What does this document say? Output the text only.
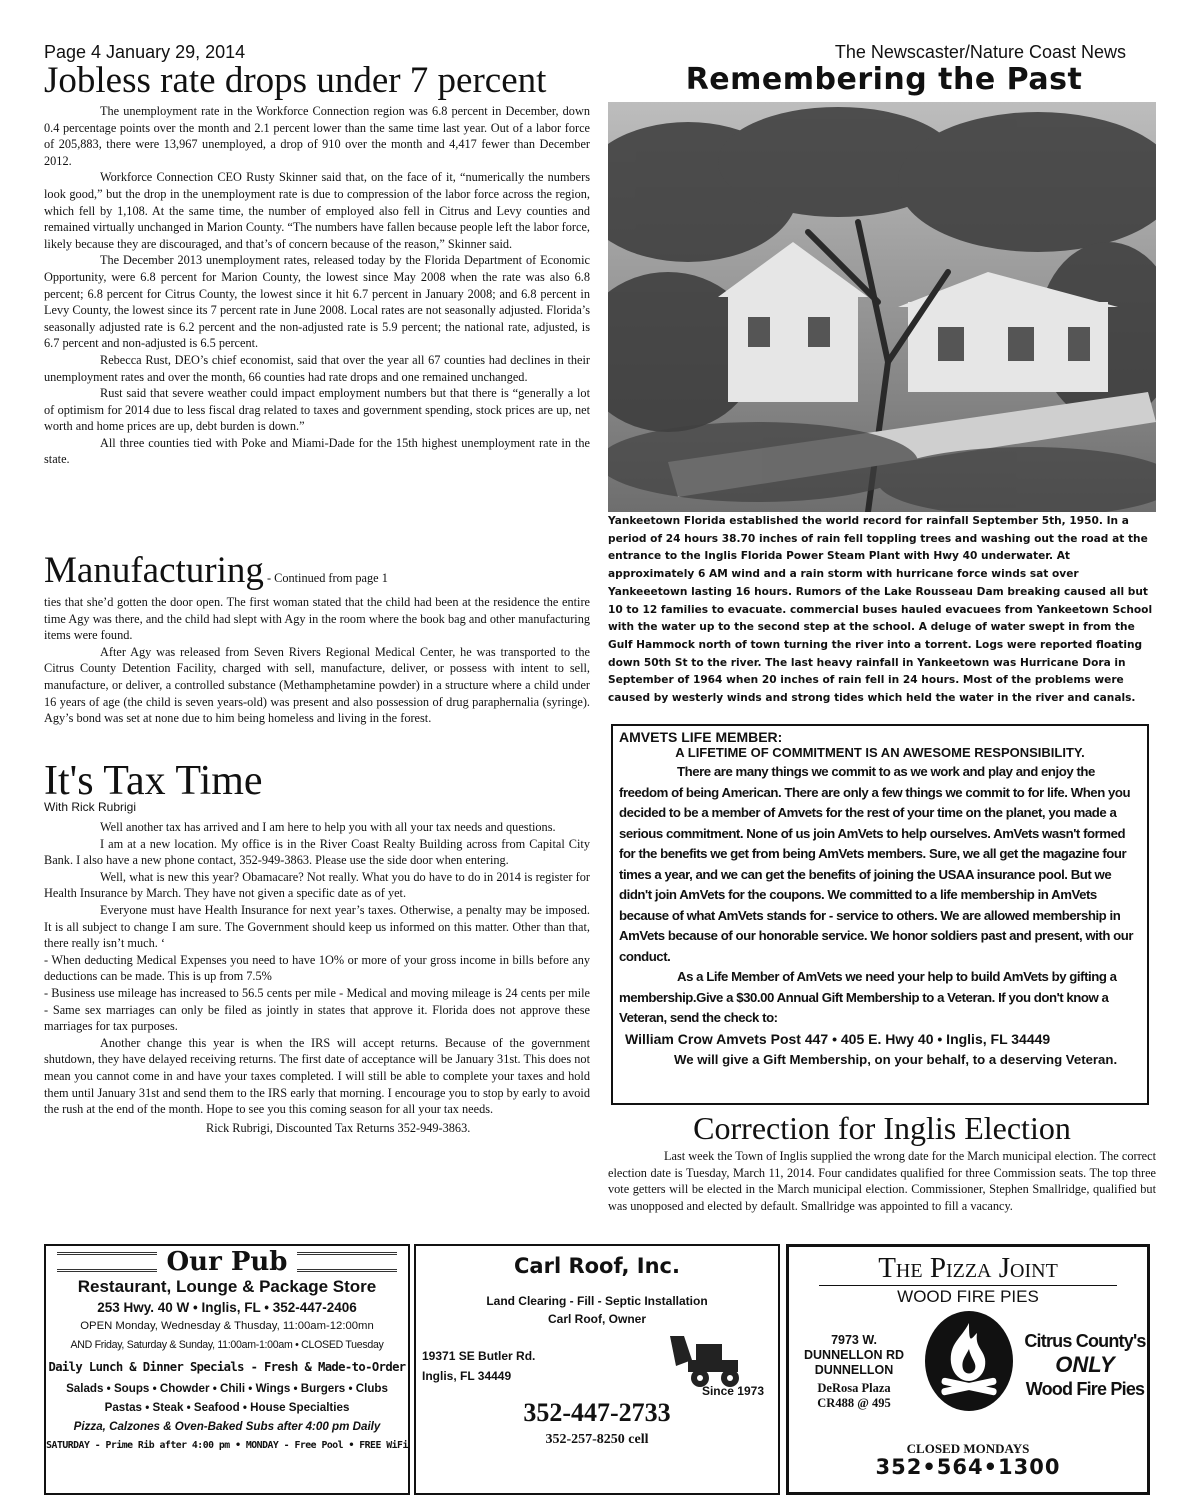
Page 4 January 29, 2014	The Newscaster/Nature Coast News
Jobless rate drops under 7 percent

The unemployment rate in the Workforce Connection region was 6.8 percent in December, down 0.4 percentage points over the month and 2.1 percent lower than the same time last year. Out of a labor force of 205,883, there were 13,967 unemployed, a drop of 910 over the month and 4,417 fewer than December 2012.

Workforce Connection CEO Rusty Skinner said that, on the face of it, “numerically the numbers look good,” but the drop in the unemployment rate is due to compression of the labor force across the region, which fell by 1,108. At the same time, the number of employed also fell in Citrus and Levy counties and remained virtually unchanged in Marion County. “The numbers have fallen because people left the labor force, likely because they are discouraged, and that’s of concern because of the reason,” Skinner said.

The December 2013 unemployment rates, released today by the Florida Department of Economic Opportunity, were 6.8 percent for Marion County, the lowest since May 2008 when the rate was also 6.8 percent; 6.8 percent for Citrus County, the lowest since it hit 6.7 percent in January 2008; and 6.8 percent in Levy County, the lowest since its 7 percent rate in June 2008. Local rates are not seasonally adjusted. Florida’s seasonally adjusted rate is 6.2 percent and the non-adjusted rate is 5.9 percent; the national rate, adjusted, is 6.7 percent and non-adjusted is 6.5 percent.

Rebecca Rust, DEO’s chief economist, said that over the year all 67 counties had declines in their unemployment rates and over the month, 66 counties had rate drops and one remained unchanged.

Rust said that severe weather could impact employment numbers but that there is “generally a lot of optimism for 2014 due to less fiscal drag related to taxes and government spending, stock prices are up, net worth and home prices are up, debt burden is down.”

All three counties tied with Poke and Miami-Dade for the 15th highest unemployment rate in the state.

Manufacturing - Continued from page 1

ties that she’d gotten the door open. The first woman stated that the child had been at the residence the entire time Agy was there, and the child had slept with Agy in the room where the book bag and other manufacturing items were found.

After Agy was released from Seven Rivers Regional Medical Center, he was transported to the Citrus County Detention Facility, charged with sell, manufacture, deliver, or possess with intent to sell, manufacture, or deliver, a controlled substance (Methamphetamine powder) in a structure where a child under 16 years of age (the child is seven years-old) was present and also possession of drug paraphernalia (syringe). Agy’s bond was set at none due to him being homeless and living in the forest.

It's Tax Time
With Rick Rubrigi

Well another tax has arrived and I am here to help you with all your tax needs and questions.

I am at a new location. My office is in the River Coast Realty Building across from Capital City Bank. I also have a new phone contact, 352-949-3863. Please use the side door when entering.

Well, what is new this year? Obamacare? Not really. What you do have to do in 2014 is register for Health Insurance by March. They have not given a specific date as of yet.

Everyone must have Health Insurance for next year’s taxes. Otherwise, a penalty may be imposed. It is all subject to change I am sure. The Government should keep us informed on this matter. Other than that, there really isn’t much. ‘

- When deducting Medical Expenses you need to have 1O% or more of your gross income in bills before any deductions can be made. This is up from 7.5%

- Business use mileage has increased to 56.5 cents per mile - Medical and moving mileage is 24 cents per mile - Same sex marriages can only be filed as jointly in states that approve it. Florida does not approve these marriages for tax purposes.

Another change this year is when the IRS will accept returns. Because of the government shutdown, they have delayed receiving returns. The first date of acceptance will be January 31st. This does not mean you cannot come in and have your taxes completed. I will still be able to complete your taxes and hold them until January 31st and send them to the IRS early that morning. I encourage you to stop by early to avoid the rush at the end of the month. Hope to see you this coming season for all your tax needs.

Rick Rubrigi, Discounted Tax Returns 352-949-3863.

Remembering the Past
Yankeetown Florida established the world record for rainfall September 5th, 1950. In a period of 24 hours 38.70 inches of rain fell toppling trees and washing out the road at the entrance to the Inglis Florida Power Steam Plant with Hwy 40 underwater. At approximately 6 AM wind and a rain storm with hurricane force winds sat over Yankeeetown lasting 16 hours. Rumors of the Lake Rousseau Dam breaking caused all but 10 to 12 families to evacuate. commercial buses hauled evacuees from Yankeetown School with the water up to the second step at the school. A deluge of water swept in from the Gulf Hammock north of town turning the river into a torrent. Logs were reported floating down 50th St to the river. The last heavy rainfall in Yankeetown was Hurricane Dora in September of 1964 when 20 inches of rain fell in 24 hours. Most of the problems were caused by westerly winds and strong tides which held the water in the river and canals.

AMVETS LIFE MEMBER:

A LIFETIME OF COMMITMENT IS AN AWESOME RESPONSIBILITY.

There are many things we commit to as we work and play and enjoy the freedom of being American. There are only a few things we commit to for life. When you decided to be a member of Amvets for the rest of your time on the planet, you made a serious commitment. None of us join AmVets to help ourselves. AmVets wasn't formed for the benefits we get from being AmVets members. Sure, we all get the magazine four times a year, and we can get the benefits of joining the USAA insurance pool. But we didn't join AmVets for the coupons. We committed to a life membership in AmVets because of what AmVets stands for - service to others. We are allowed membership in AmVets because of our honorable service. We honor soldiers past and present, with our conduct.

As a Life Member of AmVets we need your help to build AmVets by gifting a membership.Give a $30.00 Annual Gift Membership to a Veteran. If you don't know a Veteran, send the check to:

William Crow Amvets Post 447 • 405 E. Hwy 40 • Inglis, FL 34449

We will give a Gift Membership, on your behalf, to a deserving Veteran.

Correction for Inglis Election

Last week the Town of Inglis supplied the wrong date for the March municipal election. The correct election date is Tuesday, March 11, 2014. Four candidates qualified for three Commission seats. The top three vote getters will be elected in the March municipal election. Commissioner, Stephen Smallridge, qualified but was unopposed and elected by default. Smallridge was appointed to fill a vacancy.

Our Pub
Restaurant, Lounge & Package Store
253 Hwy. 40 W • Inglis, FL • 352-447-2406
OPEN Monday, Wednesday & Thusday, 11:00am-12:00mn
AND Friday, Saturday & Sunday, 11:00am-1:00am • CLOSED Tuesday
Daily Lunch & Dinner Specials - Fresh & Made-to-Order
Salads • Soups • Chowder • Chili • Wings • Burgers • Clubs
Pastas • Steak • Seafood • House Specialties
Pizza, Calzones & Oven-Baked Subs after 4:00 pm Daily
SATURDAY - Prime Rib after 4:00 pm • MONDAY - Free Pool • FREE WiFi
Carl Roof, Inc.
Land Clearing - Fill - Septic Installation
Carl Roof, Owner
19371 SE Butler Rd.
Inglis, FL 34449
Since 1973
352-447-2733
352-257-8250 cell
The Pizza Joint
WOOD FIRE PIES
7973 W.
DUNNELLON RD
DUNNELLON
DeRosa Plaza
CR488 @ 495
Citrus County's
ONLY
Wood Fire Pies
CLOSED MONDAYS
352•564•1300
